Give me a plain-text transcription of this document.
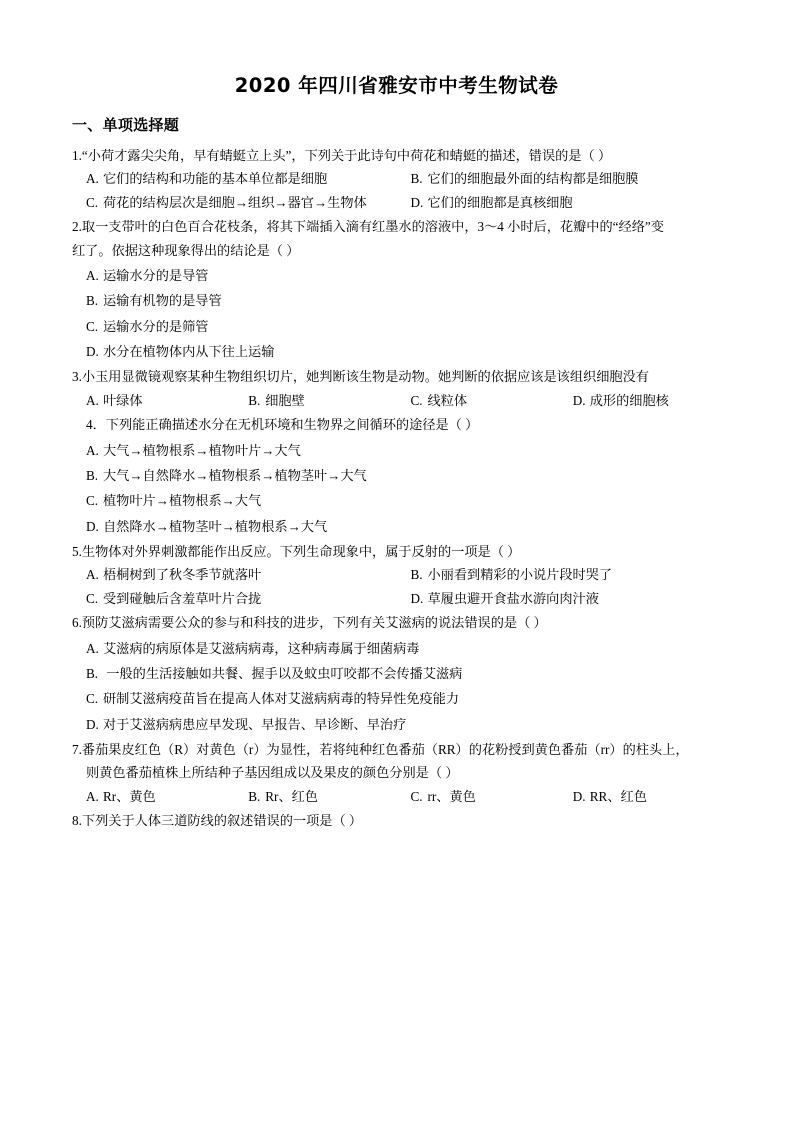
2020 年四川省雅安市中考生物试卷
一、单项选择题
1.“小荷才露尖尖角，早有蜻蜓立上头”，下列关于此诗句中荷花和蜻蜓的描述，错误的是（ ）
A. 它们的结构和功能的基本单位都是细胞	B. 它们的细胞最外面的结构都是细胞膜
C. 荷花的结构层次是细胞→组织→器官→生物体	D. 它们的细胞都是真核细胞
2.取一支带叶的白色百合花枝条，将其下端插入滴有红墨水的溶液中，3～4 小时后，花瓣中的“经络”变
红了。依据这种现象得出的结论是（ ）
A. 运输水分的是导管
B. 运输有机物的是导管
C. 运输水分的是筛管
D. 水分在植物体内从下往上运输
3.小玉用显微镜观察某种生物组织切片，她判断该生物是动物。她判断的依据应该是该组织细胞没有
A. 叶绿体	B. 细胞壁	C. 线粒体	D. 成形的细胞核
4．下列能正确描述水分在无机环境和生物界之间循环的途径是（ ）
A. 大气→植物根系→植物叶片→大气
B. 大气→自然降水→植物根系→植物茎叶→大气
C. 植物叶片→植物根系→大气
D. 自然降水→植物茎叶→植物根系→大气
5.生物体对外界刺激都能作出反应。下列生命现象中，属于反射的一项是（ ）
A. 梧桐树到了秋冬季节就落叶	B. 小丽看到精彩的小说片段时哭了
C. 受到碰触后含羞草叶片合拢	D. 草履虫避开食盐水游向肉汁液
6.预防艾滋病需要公众的参与和科技的进步，下列有关艾滋病的说法错误的是（ ）
A. 艾滋病的病原体是艾滋病病毒，这种病毒属于细菌病毒
B. 一般的生活接触如共餐、握手以及蚊虫叮咬都不会传播艾滋病
C. 研制艾滋病疫苗旨在提高人体对艾滋病病毒的特异性免疫能力
D. 对于艾滋病病患应早发现、早报告、早诊断、早治疗
7.番茄果皮红色（R）对黄色（r）为显性，若将纯种红色番茄（RR）的花粉授到黄色番茄（rr）的柱头上，
则黄色番茄植株上所结种子基因组成以及果皮的颜色分别是（ ）
A. Rr、黄色	B. Rr、红色	C. rr、黄色	D. RR、红色
8.下列关于人体三道防线的叙述错误的一项是（ ）
